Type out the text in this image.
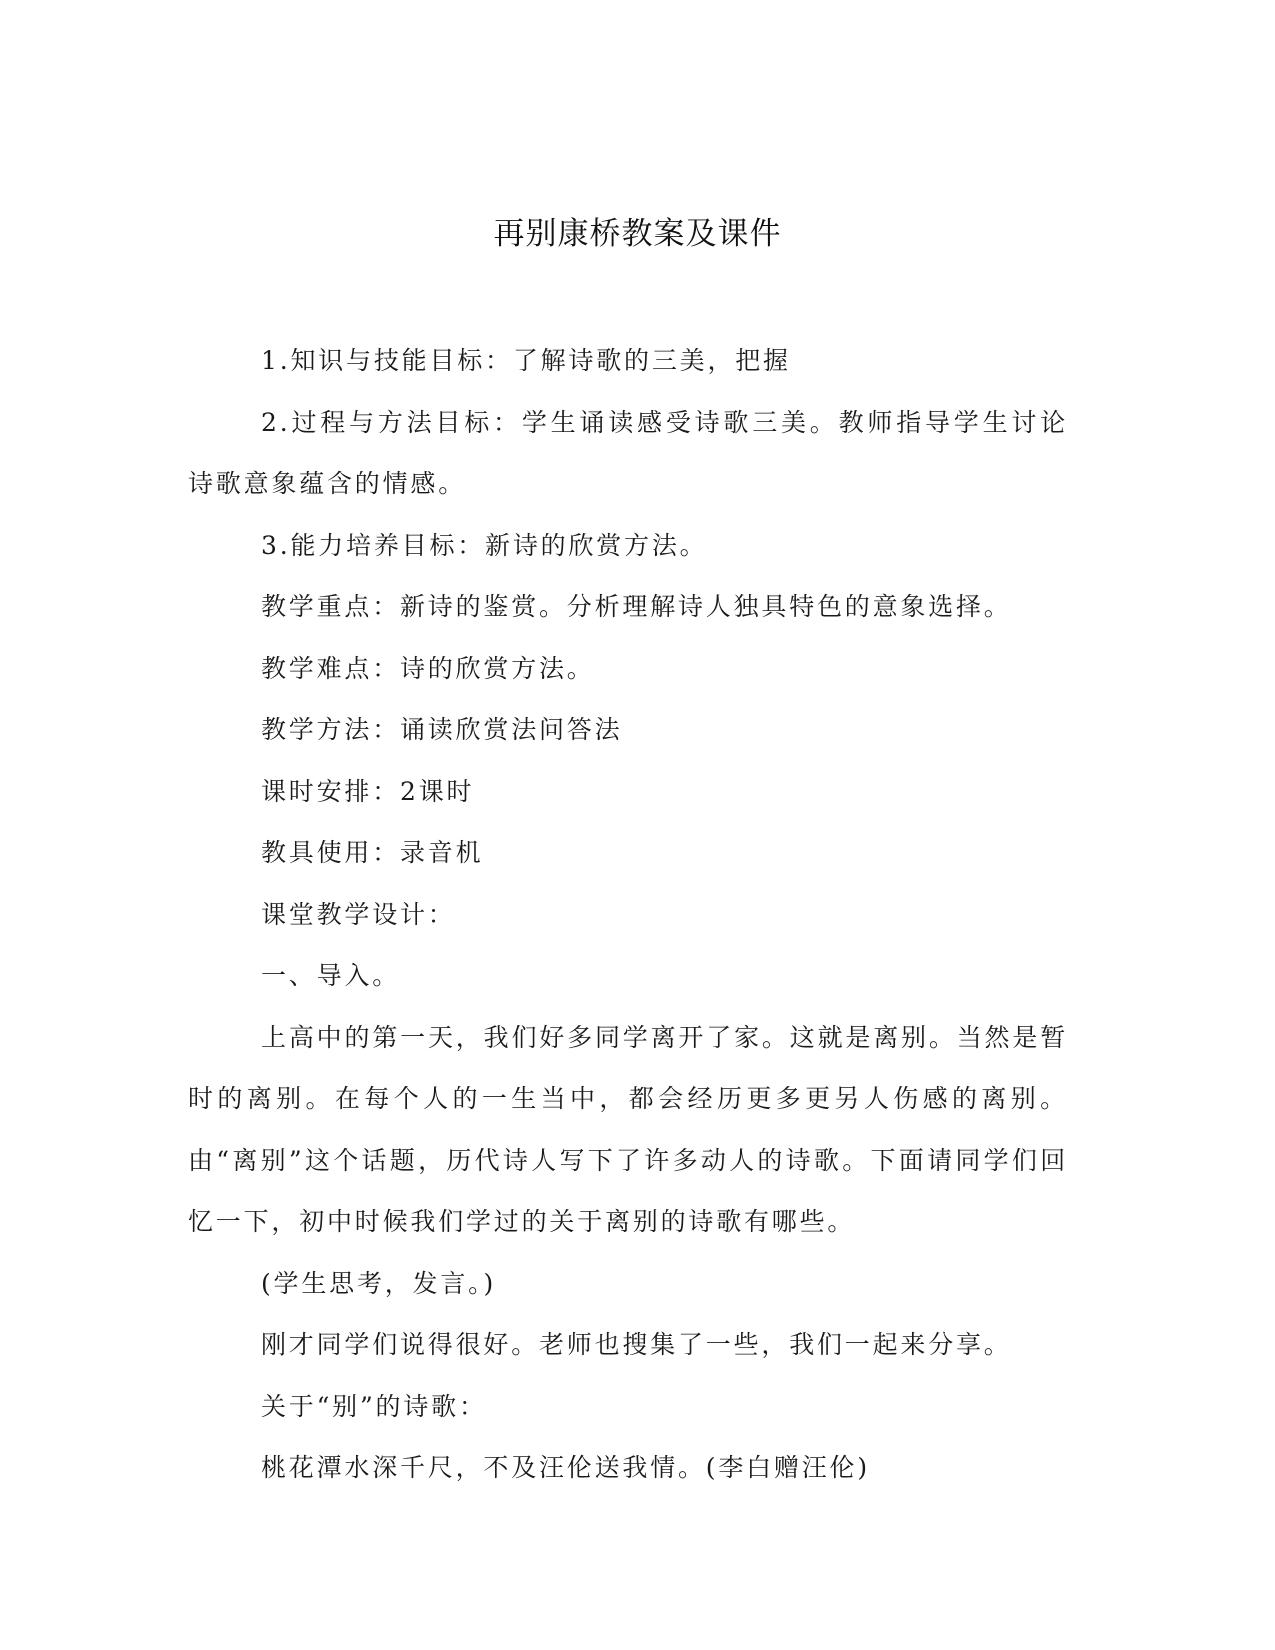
再别康桥教案及课件

1.知识与技能目标：了解诗歌的三美，把握

2.过程与方法目标：学生诵读感受诗歌三美。教师指导学生讨论诗歌意象蕴含的情感。

3.能力培养目标：新诗的欣赏方法。

教学重点：新诗的鉴赏。分析理解诗人独具特色的意象选择。

教学难点：诗的欣赏方法。

教学方法：诵读欣赏法问答法

课时安排：2课时

教具使用：录音机

课堂教学设计：

一、导入。

上高中的第一天，我们好多同学离开了家。这就是离别。当然是暂时的离别。在每个人的一生当中，都会经历更多更另人伤感的离别。由“离别”这个话题，历代诗人写下了许多动人的诗歌。下面请同学们回忆一下，初中时候我们学过的关于离别的诗歌有哪些。

(学生思考，发言。)

刚才同学们说得很好。老师也搜集了一些，我们一起来分享。

关于“别”的诗歌：

桃花潭水深千尺，不及汪伦送我情。(李白赠汪伦)
